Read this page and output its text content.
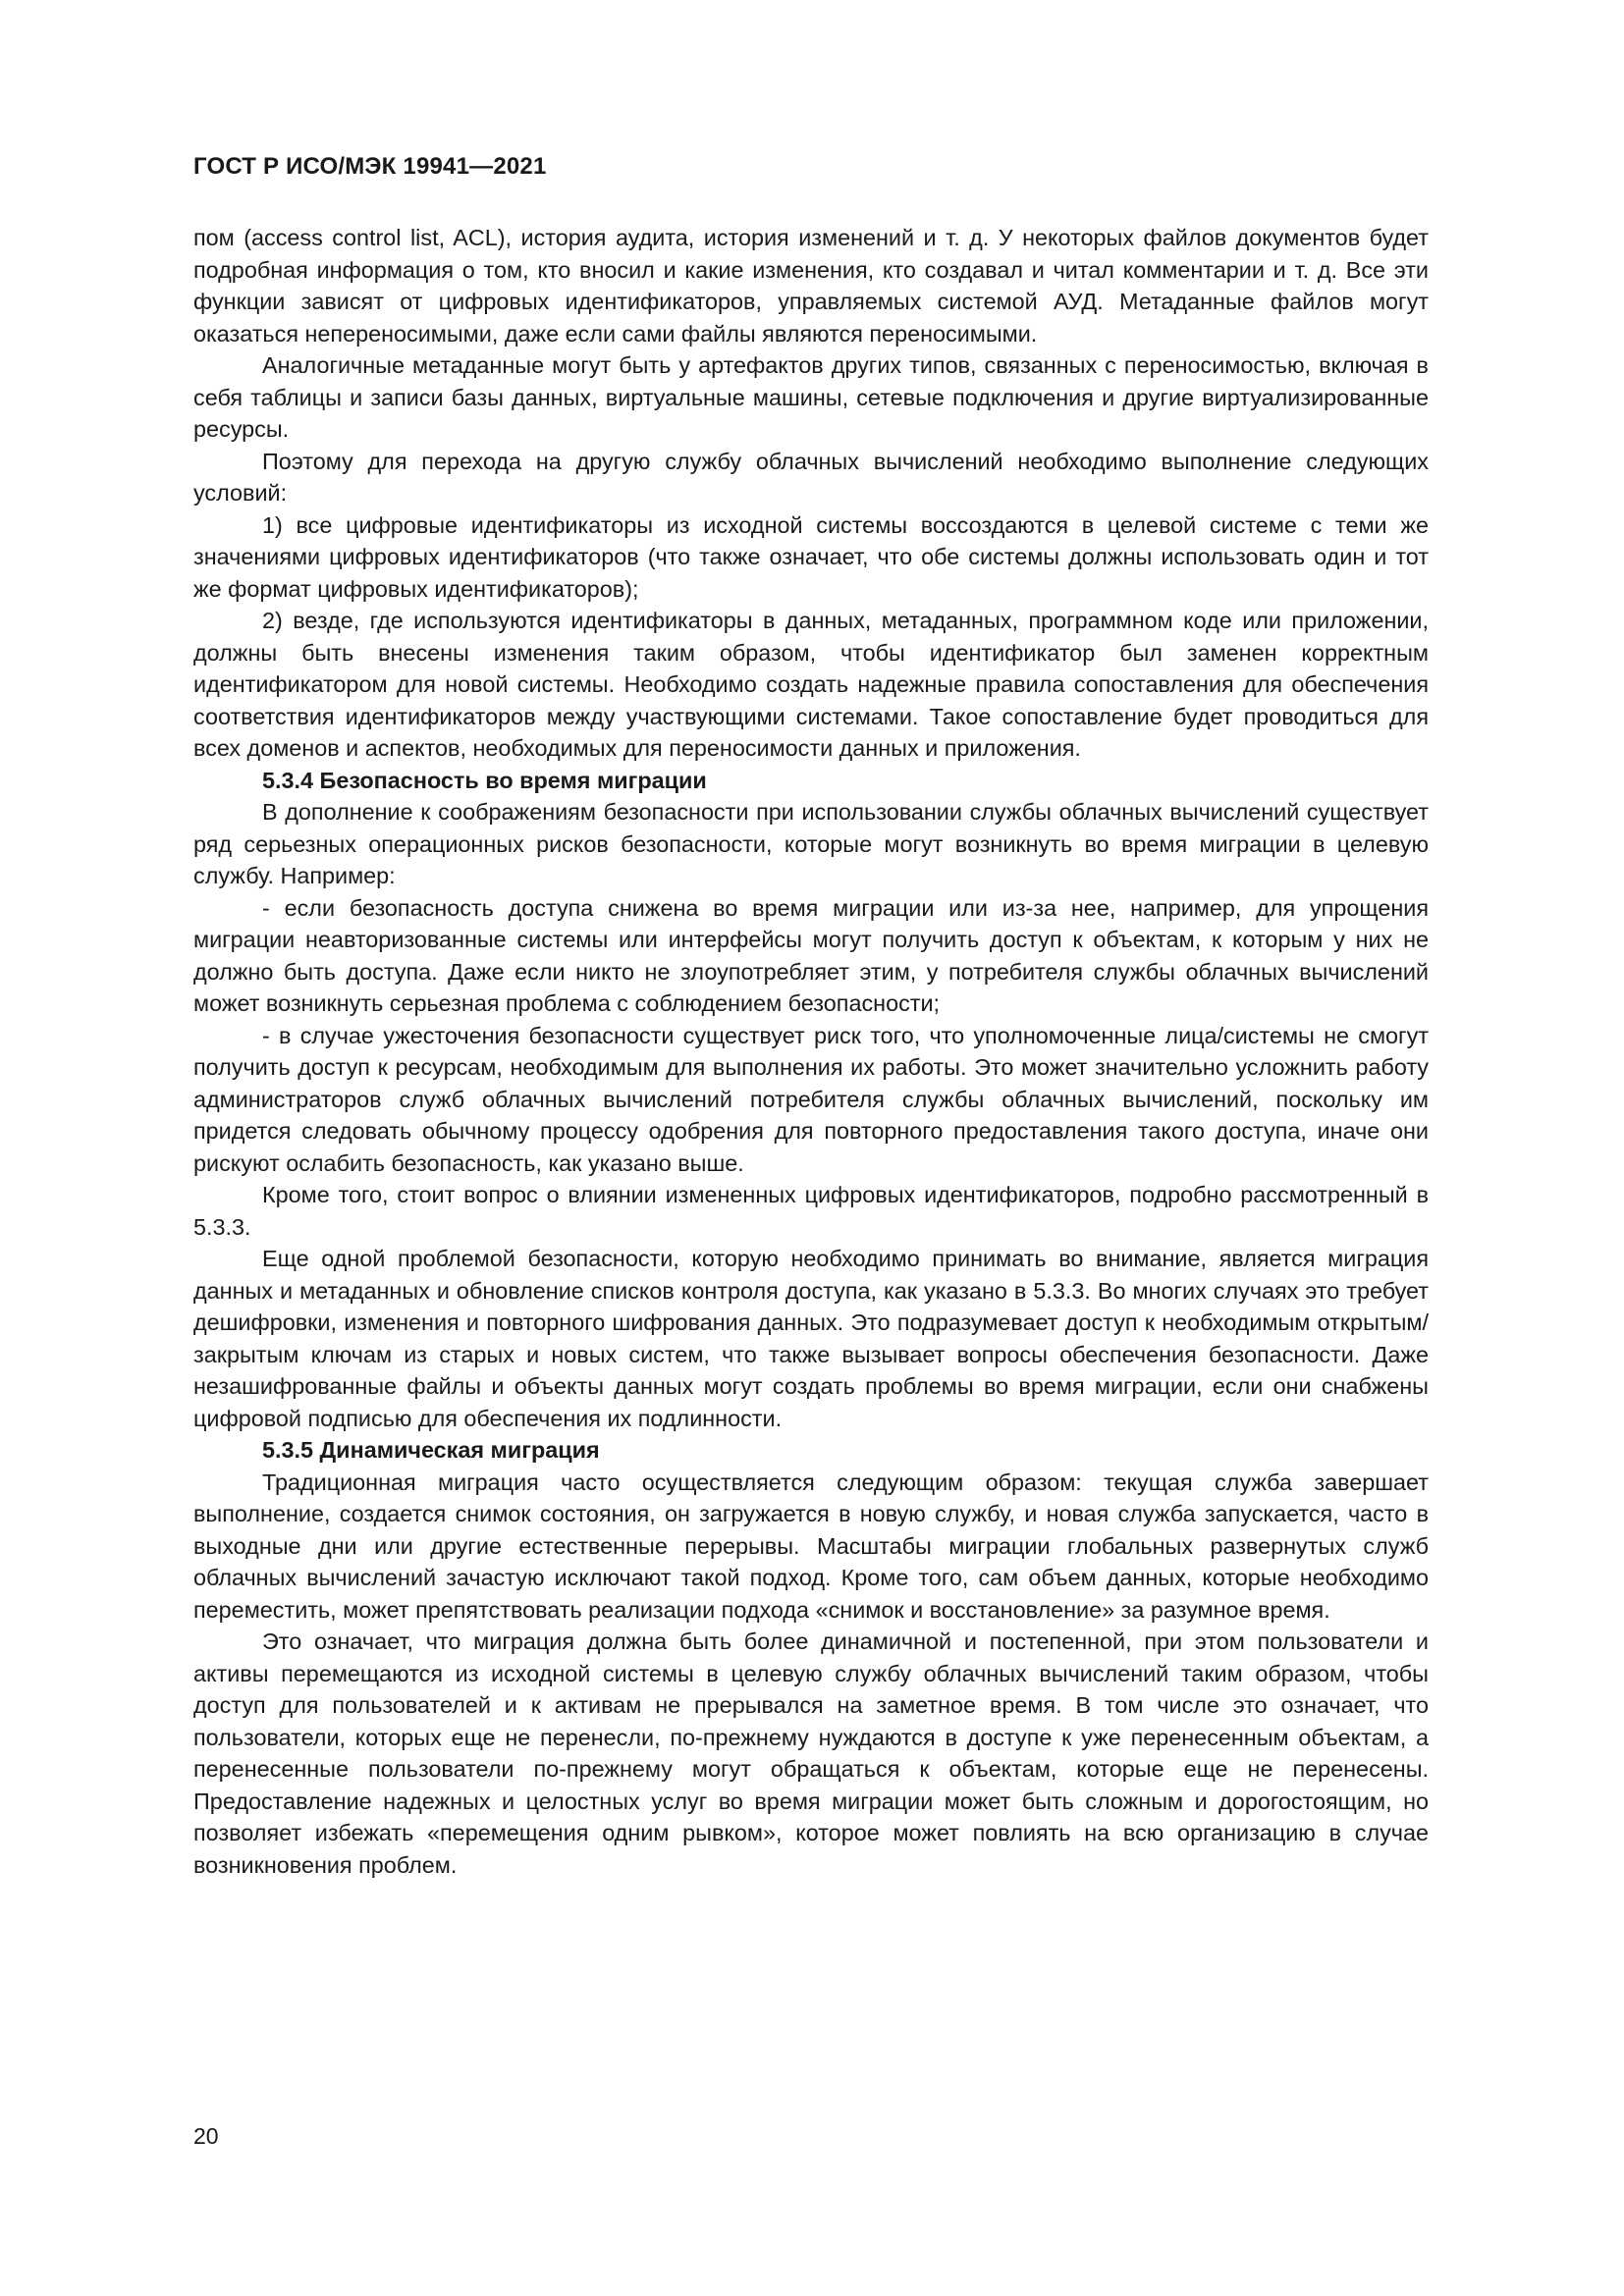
ГОСТ Р ИСО/МЭК 19941—2021

пом (access control list, ACL), история аудита, история изменений и т. д. У некоторых файлов документов будет подробная информация о том, кто вносил и какие изменения, кто создавал и читал комментарии и т. д. Все эти функции зависят от цифровых идентификаторов, управляемых системой АУД. Метаданные файлов могут оказаться непереносимыми, даже если сами файлы являются переносимыми.

Аналогичные метаданные могут быть у артефактов других типов, связанных с переносимостью, включая в себя таблицы и записи базы данных, виртуальные машины, сетевые подключения и другие виртуализированные ресурсы.

Поэтому для перехода на другую службу облачных вычислений необходимо выполнение следующих условий:

1) все цифровые идентификаторы из исходной системы воссоздаются в целевой системе с теми же значениями цифровых идентификаторов (что также означает, что обе системы должны использовать один и тот же формат цифровых идентификаторов);

2) везде, где используются идентификаторы в данных, метаданных, программном коде или приложении, должны быть внесены изменения таким образом, чтобы идентификатор был заменен корректным идентификатором для новой системы. Необходимо создать надежные правила сопоставления для обеспечения соответствия идентификаторов между участвующими системами. Такое сопоставление будет проводиться для всех доменов и аспектов, необходимых для переносимости данных и приложения.

5.3.4 Безопасность во время миграции

В дополнение к соображениям безопасности при использовании службы облачных вычислений существует ряд серьезных операционных рисков безопасности, которые могут возникнуть во время миграции в целевую службу. Например:

- если безопасность доступа снижена во время миграции или из-за нее, например, для упрощения миграции неавторизованные системы или интерфейсы могут получить доступ к объектам, к которым у них не должно быть доступа. Даже если никто не злоупотребляет этим, у потребителя службы облачных вычислений может возникнуть серьезная проблема с соблюдением безопасности;

- в случае ужесточения безопасности существует риск того, что уполномоченные лица/системы не смогут получить доступ к ресурсам, необходимым для выполнения их работы. Это может значительно усложнить работу администраторов служб облачных вычислений потребителя службы облачных вычислений, поскольку им придется следовать обычному процессу одобрения для повторного предоставления такого доступа, иначе они рискуют ослабить безопасность, как указано выше.

Кроме того, стоит вопрос о влиянии измененных цифровых идентификаторов, подробно рассмотренный в 5.3.3.

Еще одной проблемой безопасности, которую необходимо принимать во внимание, является миграция данных и метаданных и обновление списков контроля доступа, как указано в 5.3.3. Во многих случаях это требует дешифровки, изменения и повторного шифрования данных. Это подразумевает доступ к необходимым открытым/закрытым ключам из старых и новых систем, что также вызывает вопросы обеспечения безопасности. Даже незашифрованные файлы и объекты данных могут создать проблемы во время миграции, если они снабжены цифровой подписью для обеспечения их подлинности.

5.3.5 Динамическая миграция

Традиционная миграция часто осуществляется следующим образом: текущая служба завершает выполнение, создается снимок состояния, он загружается в новую службу, и новая служба запускается, часто в выходные дни или другие естественные перерывы. Масштабы миграции глобальных развернутых служб облачных вычислений зачастую исключают такой подход. Кроме того, сам объем данных, которые необходимо переместить, может препятствовать реализации подхода «снимок и восстановление» за разумное время.

Это означает, что миграция должна быть более динамичной и постепенной, при этом пользователи и активы перемещаются из исходной системы в целевую службу облачных вычислений таким образом, чтобы доступ для пользователей и к активам не прерывался на заметное время. В том числе это означает, что пользователи, которых еще не перенесли, по-прежнему нуждаются в доступе к уже перенесенным объектам, а перенесенные пользователи по-прежнему могут обращаться к объектам, которые еще не перенесены. Предоставление надежных и целостных услуг во время миграции может быть сложным и дорогостоящим, но позволяет избежать «перемещения одним рывком», которое может повлиять на всю организацию в случае возникновения проблем.

20
